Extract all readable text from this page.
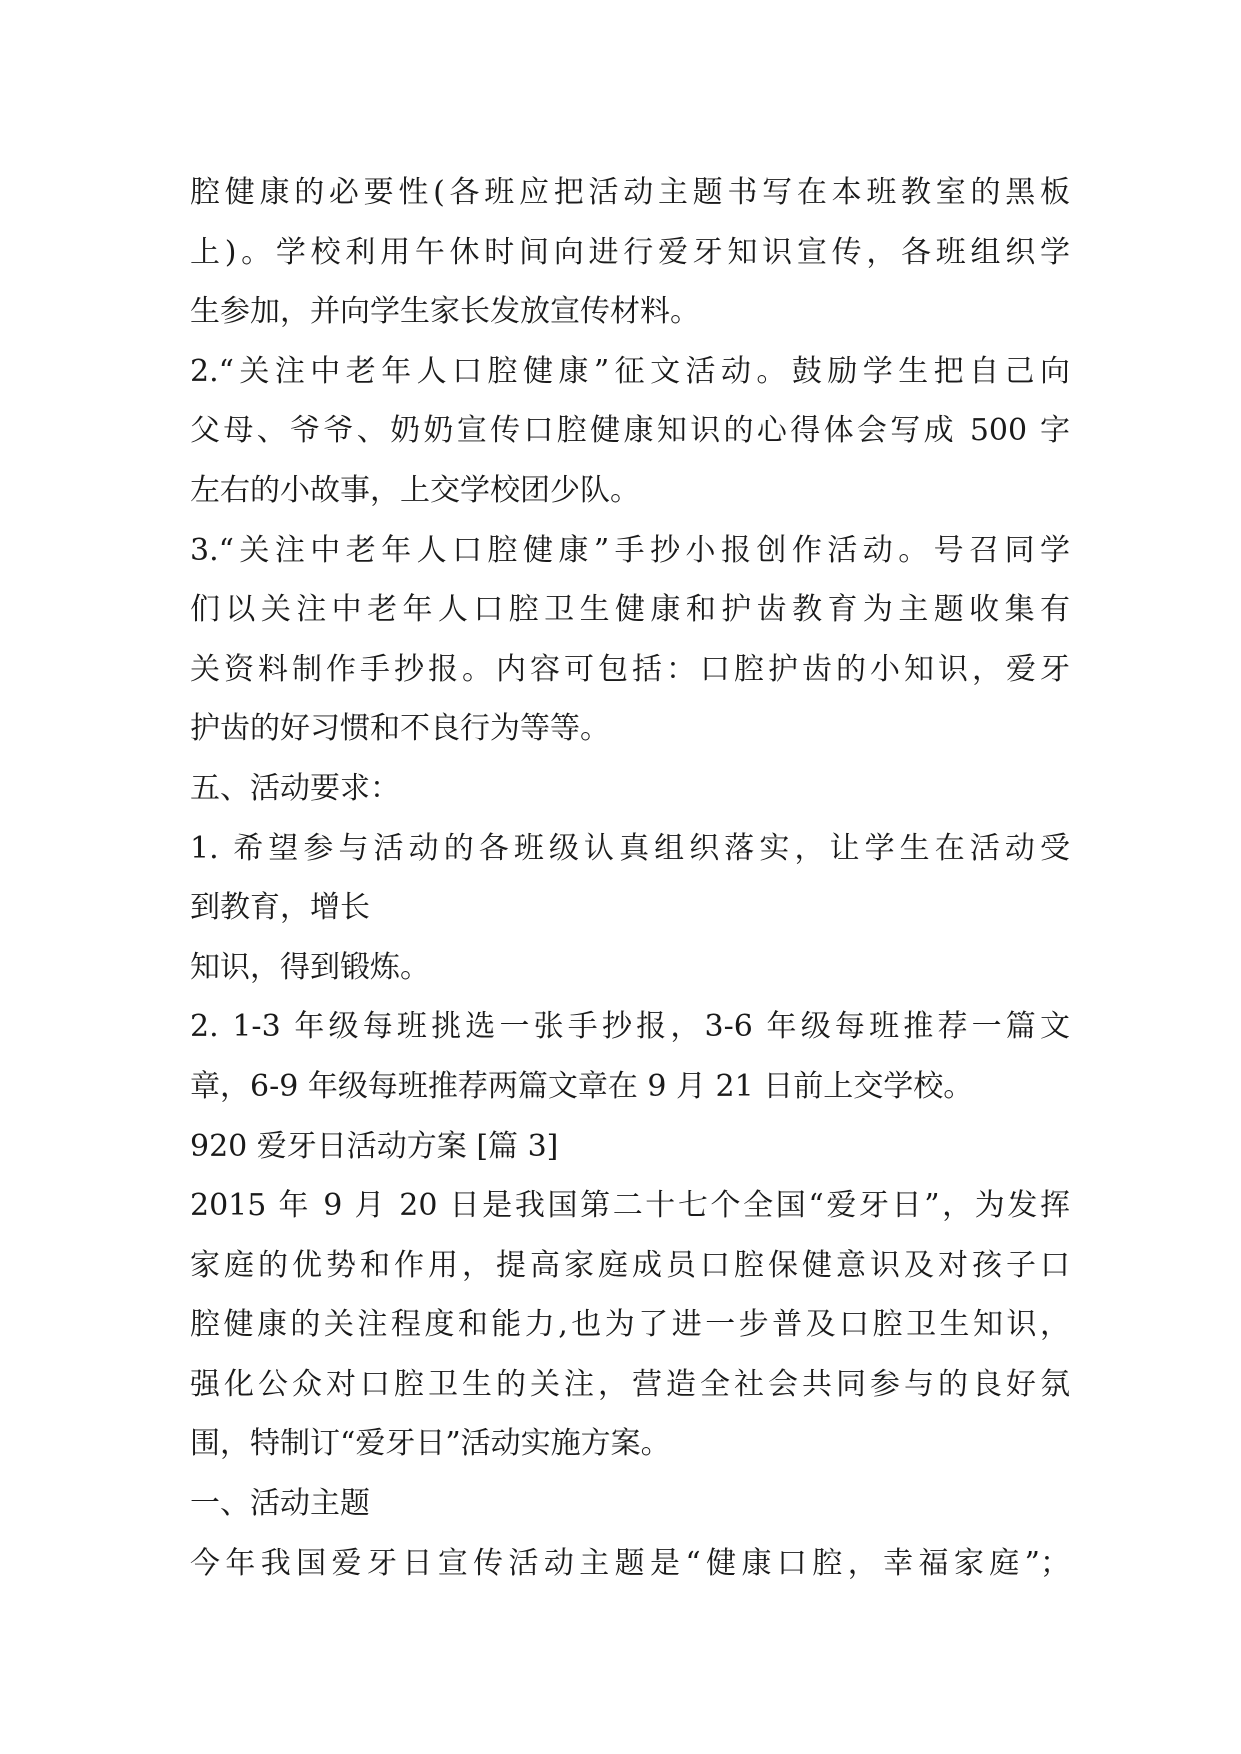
腔健康的必要性(各班应把活动主题书写在本班教室的黑板
上)。学校利用午休时间向进行爱牙知识宣传，各班组织学
生参加，并向学生家长发放宣传材料。
2.“关注中老年人口腔健康”征文活动。鼓励学生把自己向
父母、爷爷、奶奶宣传口腔健康知识的心得体会写成 500 字
左右的小故事，上交学校团少队。
3.“关注中老年人口腔健康”手抄小报创作活动。号召同学
们以关注中老年人口腔卫生健康和护齿教育为主题收集有
关资料制作手抄报。内容可包括：口腔护齿的小知识，爱牙
护齿的好习惯和不良行为等等。
五、活动要求：
1. 希望参与活动的各班级认真组织落实，让学生在活动受
到教育，增长
知识，得到锻炼。
2. 1-3 年级每班挑选一张手抄报，3-6 年级每班推荐一篇文
章，6-9 年级每班推荐两篇文章在 9 月 21 日前上交学校。
920 爱牙日活动方案 [篇 3]
2015 年 9 月 20 日是我国第二十七个全国“爱牙日”，为发挥
家庭的优势和作用，提高家庭成员口腔保健意识及对孩子口
腔健康的关注程度和能力,也为了进一步普及口腔卫生知识，
强化公众对口腔卫生的关注，营造全社会共同参与的良好氛
围，特制订“爱牙日”活动实施方案。
一、活动主题
今年我国爱牙日宣传活动主题是“健康口腔，幸福家庭”；
